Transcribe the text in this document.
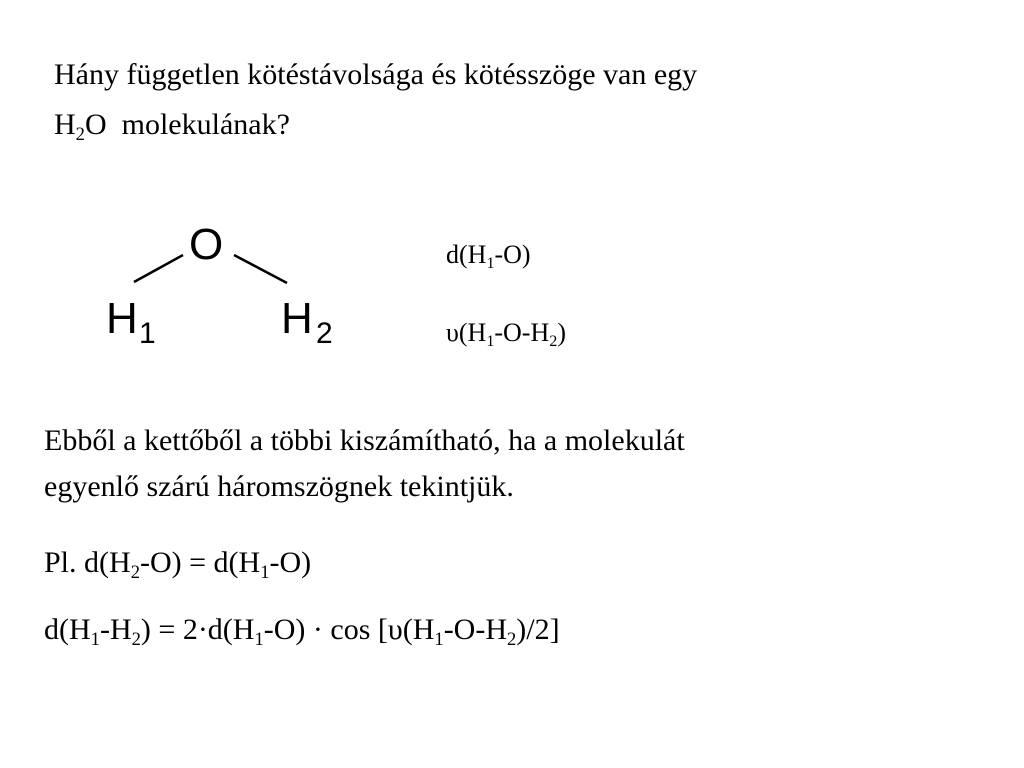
Hány független kötéstávolsága és kötésszöge van egy
$H_2O$  molekulának?
O
H 1	H 2
$d(H_1-O)$
$\upsilon(H_1-O-H_2)$
Ebből a kettőből a többi kiszámítható, ha a molekulát
egyenlő szárú háromszögnek tekintjük.
Pl. $d(H_2-O) = d(H_1-O)$
$d(H_1-H_2) = 2\cdot d(H_1-O) \cdot \cos [\upsilon(H_1-O-H_2)/2]$
